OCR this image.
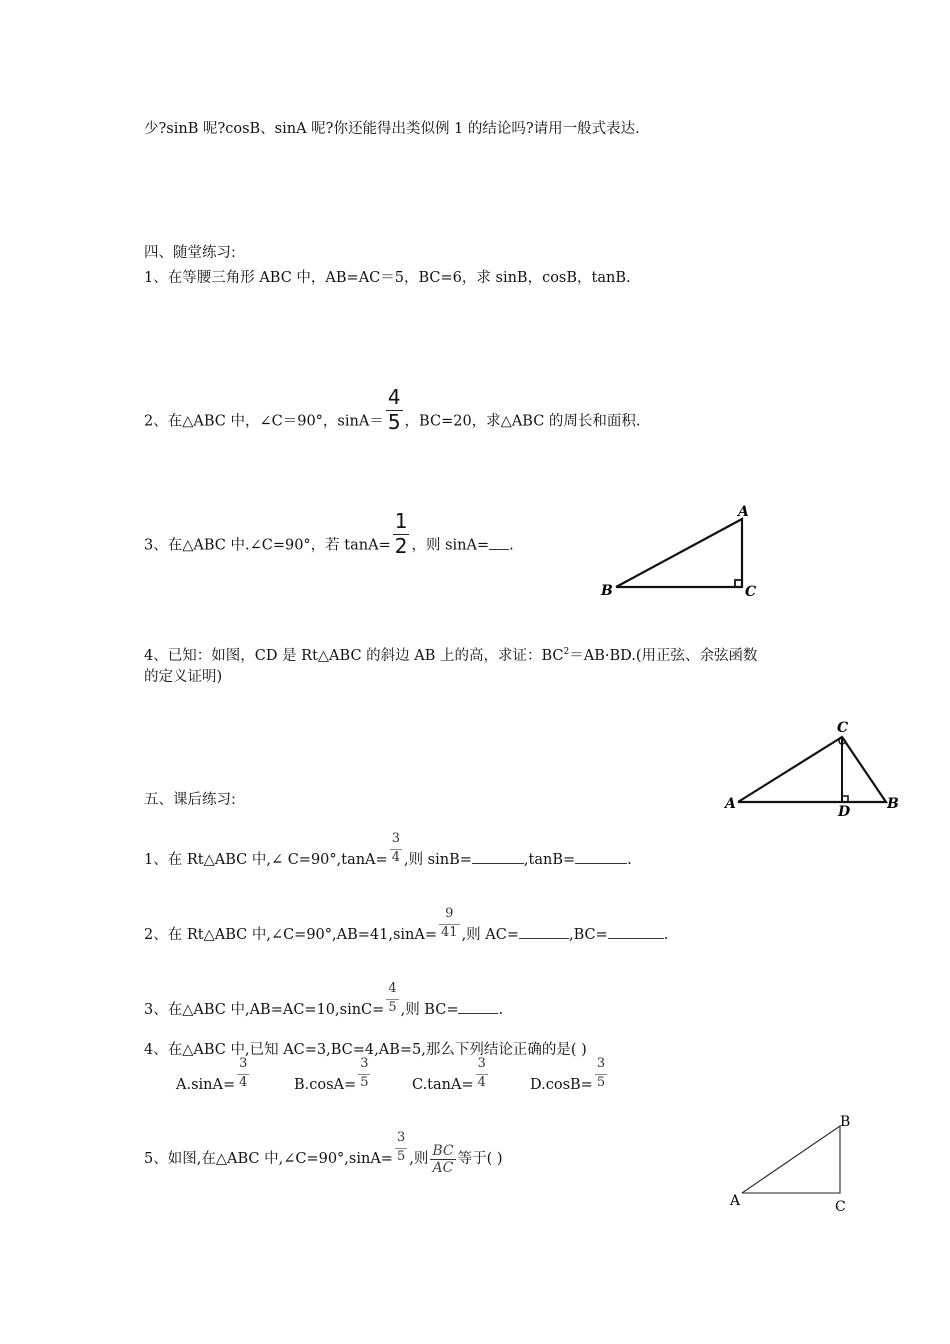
少?sinB 呢?cosB、sinA 呢?你还能得出类似例 1 的结论吗?请用一般式表达.
四、随堂练习:
1、在等腰三角形 ABC 中，AB=AC＝5，BC=6，求 sinB，cosB，tanB.
2、在△ABC 中，∠C＝90°，$\sin A= \frac{4}{5}$ ，BC=20，求△ABC 的周长和面积.
3、在△ABC 中.∠C=90°，若 $\tan A= \frac{1}{2}$ ，则 sinA= .
4、已知：如图，CD 是 Rt△ABC 的斜边 AB 上的高，求证：$BC^2=AB\cdot BD$.(用正弦、余弦函数
的定义证明)
五、课后练习:
1、在 Rt△ABC 中,∠ $C=90^\circ,\tan A= \frac{3}{4}$ ,则 sinB=	,tanB=	.
2、在 Rt△ABC 中,∠C=90°,AB=41,sinA= $\frac{9}{41}$ ,则 AC=	,BC=	.
3、在△ABC 中$,AB=AC=10,\sin C= \frac{4}{5}$ ,则 BC=	.
4、在△ABC 中,已知 AC=3,BC=4,AB=5,那么下列结论正确的是( )
$A.\sin A= \frac{3}{4}$	$B.\cos A= \frac{3}{5}$	$C.\tan A= \frac{3}{4}$	$D.\cos B= \frac{3}{5}$
5、如图,在△ABC 中,∠C=90°,sinA= $\frac{3}{5}$ ,则 $\frac{BC}{AC}$ 等于( )
A
B	C
C
A	B
D
B
A	C
